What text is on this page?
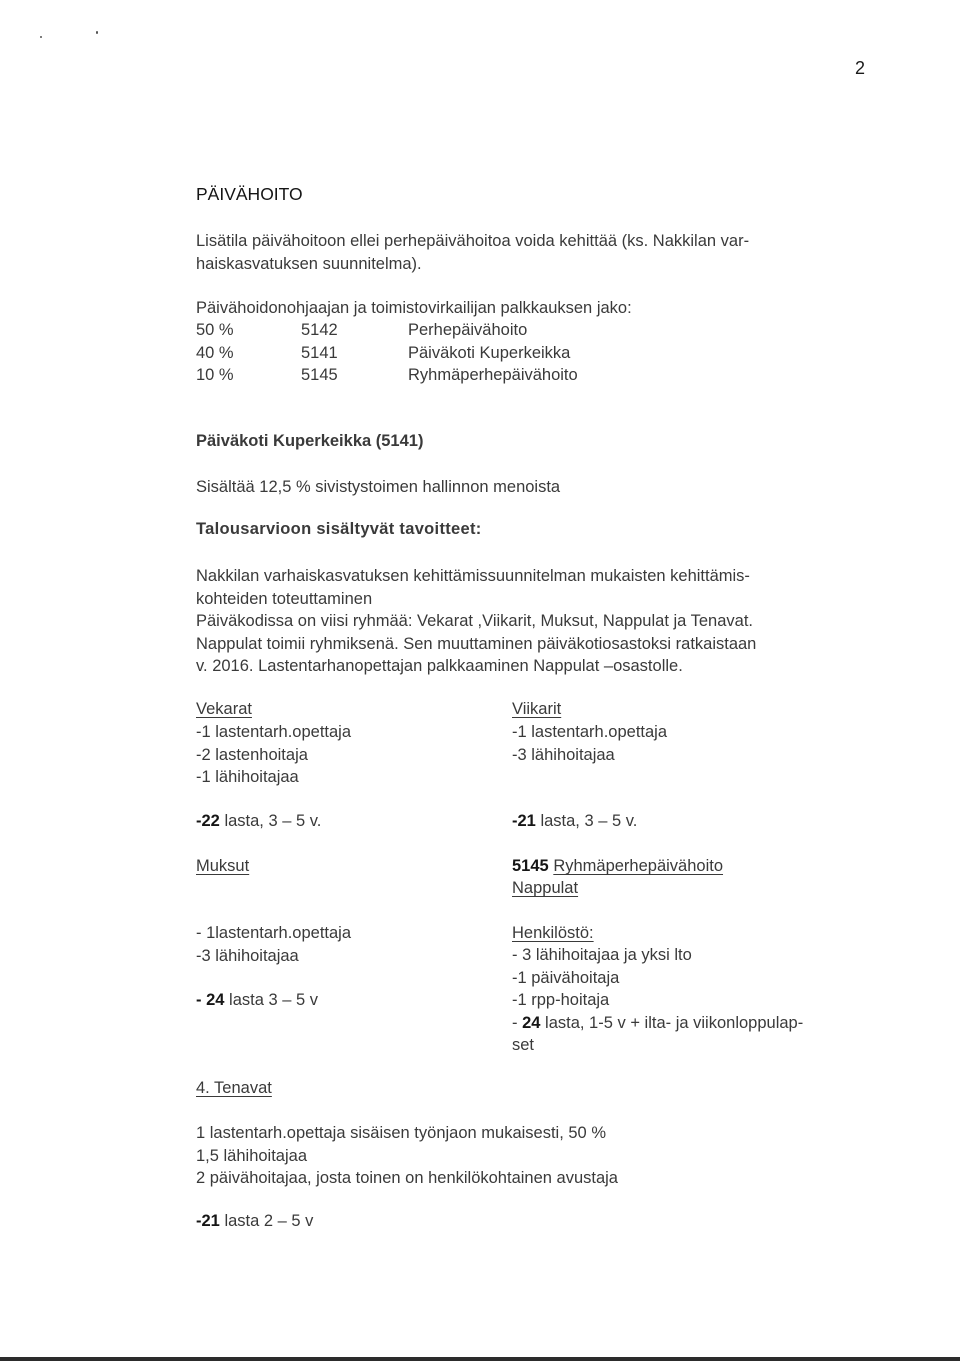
2
PÄIVÄHOITO
Lisätila päivähoitoon ellei perhepäivähoitoa voida kehittää (ks. Nakkilan var-
haiskasvatuksen suunnitelma).
Päivähoidonohjaajan ja toimistovirkailijan palkkauksen jako:
50 %
40 %
10 %
5142
5141
5145
Perhepäivähoito
Päiväkoti Kuperkeikka
Ryhmäperhepäivähoito
Päiväkoti Kuperkeikka (5141)
Sisältää 12,5 % sivistystoimen hallinnon menoista
Talousarvioon sisältyvät tavoitteet:
Nakkilan varhaiskasvatuksen kehittämissuunnitelman mukaisten kehittämis-
kohteiden toteuttaminen
Päiväkodissa on viisi ryhmää: Vekarat ,Viikarit, Muksut, Nappulat ja Tenavat.
Nappulat toimii ryhmiksenä. Sen muuttaminen päiväkotiosastoksi ratkaistaan
v. 2016. Lastentarhanopettajan palkkaaminen Nappulat –osastolle.
Vekarat
-1 lastentarh.opettaja
-2 lastenhoitaja
-1 lähihoitajaa
-22 lasta, 3 – 5 v.
Viikarit
-1 lastentarh.opettaja
-3 lähihoitajaa
-21 lasta, 3 – 5 v.
Muksut
- 1lastentarh.opettaja
-3 lähihoitajaa
- 24 lasta 3 – 5 v
5145 Ryhmäperhepäivähoito
Nappulat
Henkilöstö:
- 3 lähihoitajaa ja yksi lto
-1 päivähoitaja
-1 rpp-hoitaja
- 24 lasta, 1-5 v + ilta- ja viikonloppulap-
set
4. Tenavat
1 lastentarh.opettaja sisäisen työnjaon mukaisesti, 50 %
1,5 lähihoitajaa
2 päivähoitajaa, josta toinen on henkilökohtainen avustaja
-21 lasta 2 – 5 v
